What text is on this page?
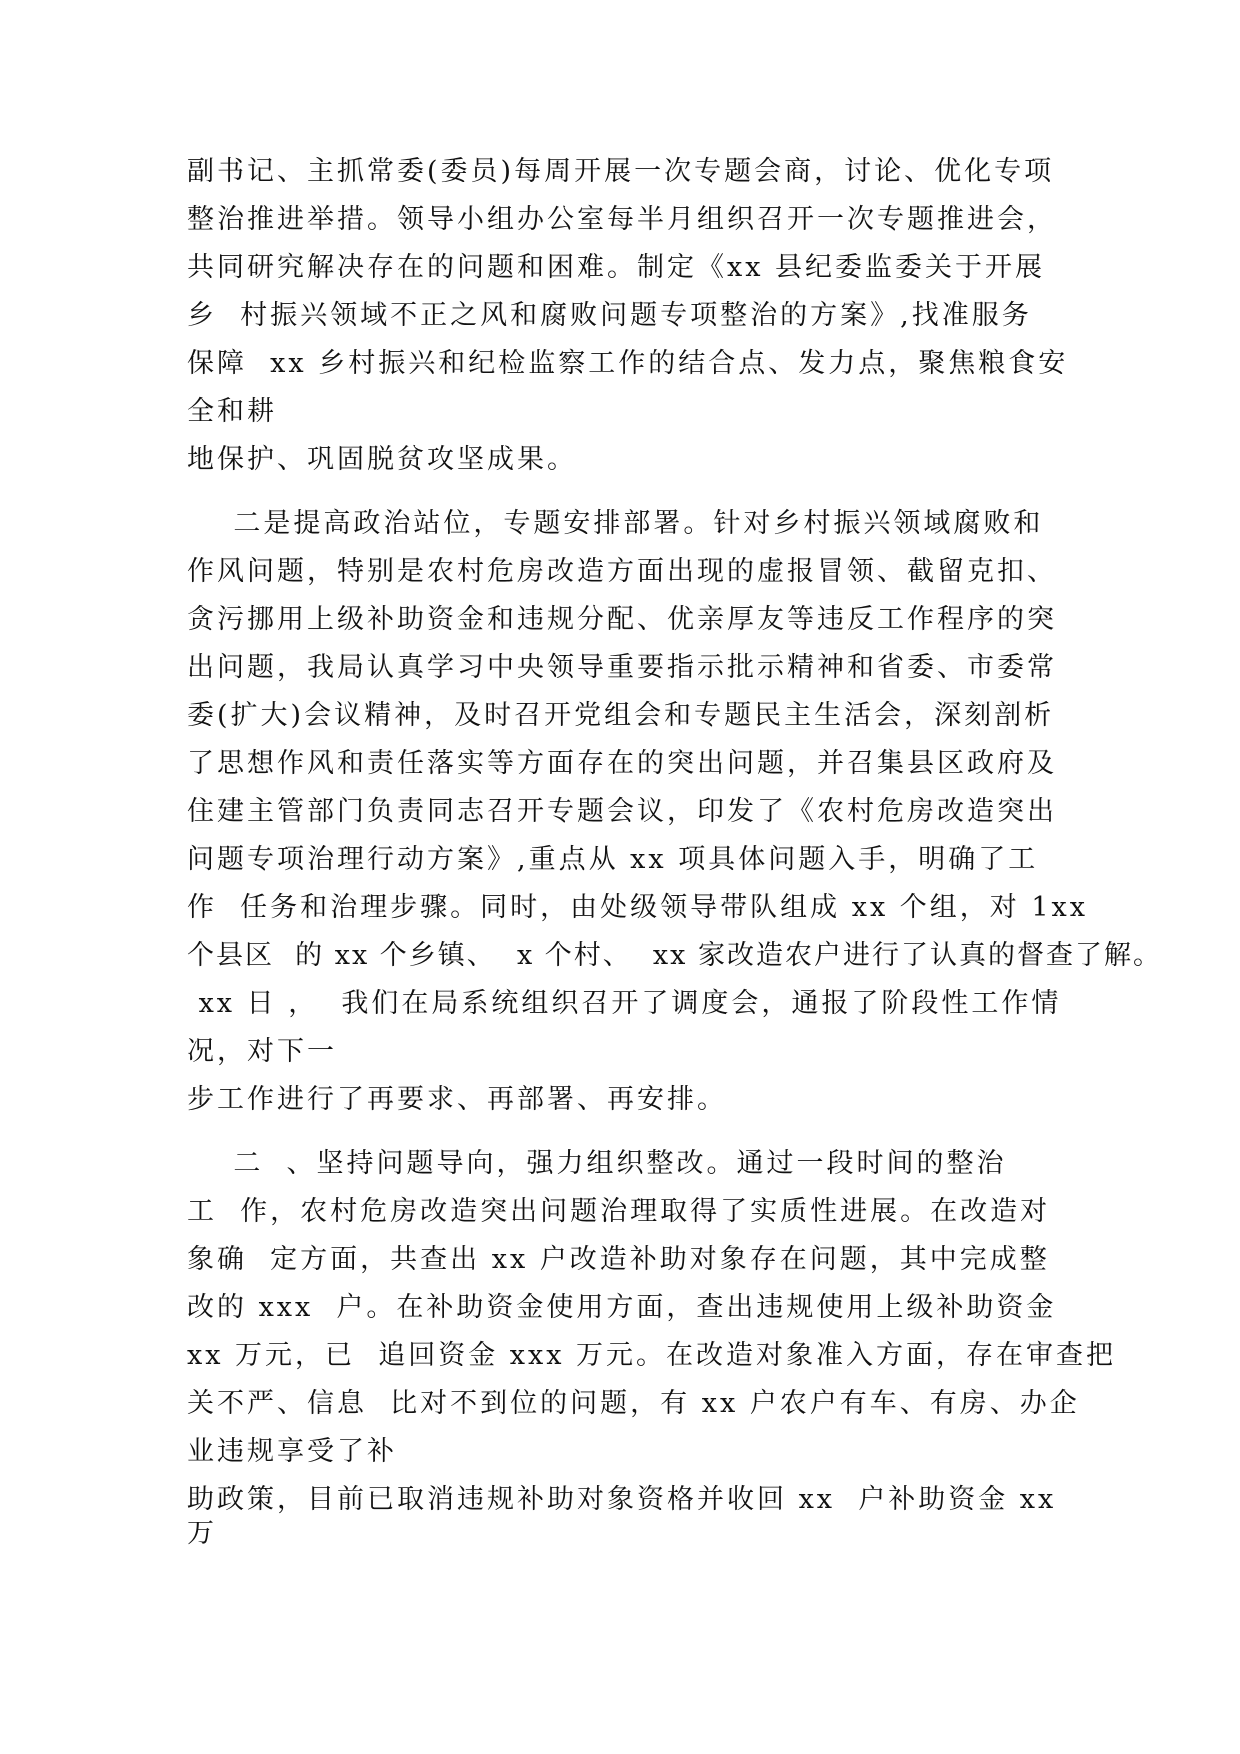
副书记、主抓常委(委员)每周开展一次专题会商，讨论、优化专项
整治推进举措。领导小组办公室每半月组织召开一次专题推进会，
共同研究解决存在的问题和困难。制定《xx 县纪委监委关于开展
乡  村振兴领域不正之风和腐败问题专项整治的方案》,找准服务
保障  xx 乡村振兴和纪检监察工作的结合点、发力点，聚焦粮食安
全和耕
地保护、巩固脱贫攻坚成果。
二是提高政治站位，专题安排部署。针对乡村振兴领域腐败和
作风问题，特别是农村危房改造方面出现的虚报冒领、截留克扣、
贪污挪用上级补助资金和违规分配、优亲厚友等违反工作程序的突
出问题，我局认真学习中央领导重要指示批示精神和省委、市委常
委(扩大)会议精神，及时召开党组会和专题民主生活会，深刻剖析
了思想作风和责任落实等方面存在的突出问题，并召集县区政府及
住建主管部门负责同志召开专题会议，印发了《农村危房改造突出
问题专项治理行动方案》,重点从 xx 项具体问题入手，明确了工
作  任务和治理步骤。同时，由处级领导带队组成 xx 个组，对 1xx
个县区  的 xx 个乡镇、  x 个村、  xx 家改造农户进行了认真的督查了解。
xx 日 ，  我们在局系统组织召开了调度会，通报了阶段性工作情
况，对下一
步工作进行了再要求、再部署、再安排。
二  、坚持问题导向，强力组织整改。通过一段时间的整治
工  作，农村危房改造突出问题治理取得了实质性进展。在改造对
象确  定方面，共查出 xx 户改造补助对象存在问题，其中完成整
改的 xxx  户。在补助资金使用方面，查出违规使用上级补助资金
xx 万元，已  追回资金 xxx 万元。在改造对象准入方面，存在审查把
关不严、信息  比对不到位的问题，有 xx 户农户有车、有房、办企
业违规享受了补
助政策，目前已取消违规补助对象资格并收回 xx  户补助资金 xx
万
